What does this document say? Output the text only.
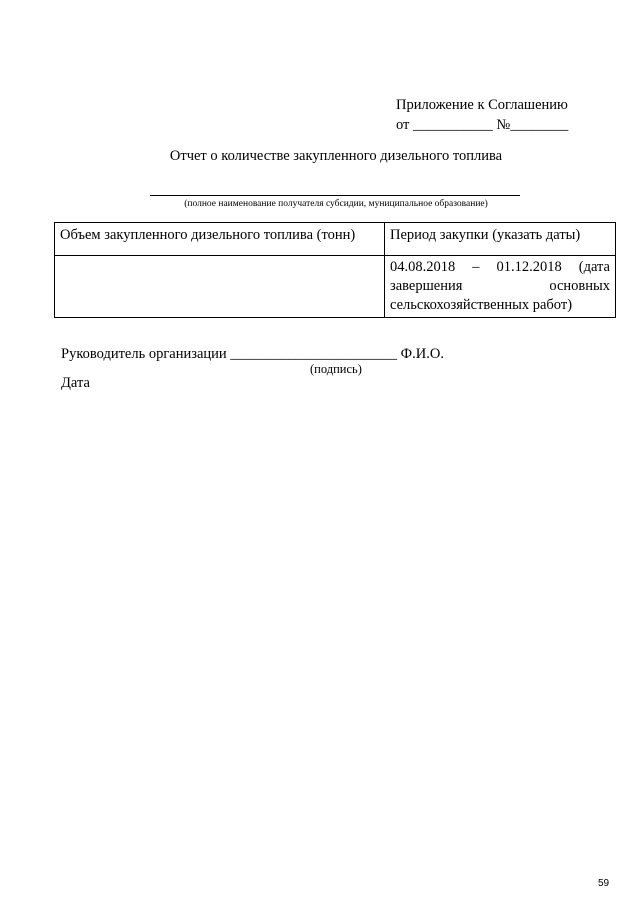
Приложение к Соглашению
от ___________ №________
Отчет о количестве закупленного дизельного топлива
(полное наименование получателя субсидии, муниципальное образование)
Объем закупленного дизельного топлива (тонн)	Период закупки (указать даты)

	04.08.2018 – 01.12.2018 (дата
завершения основных
сельскохозяйственных работ)
Руководитель организации _______________________ Ф.И.О.
(подпись)
Дата
59
